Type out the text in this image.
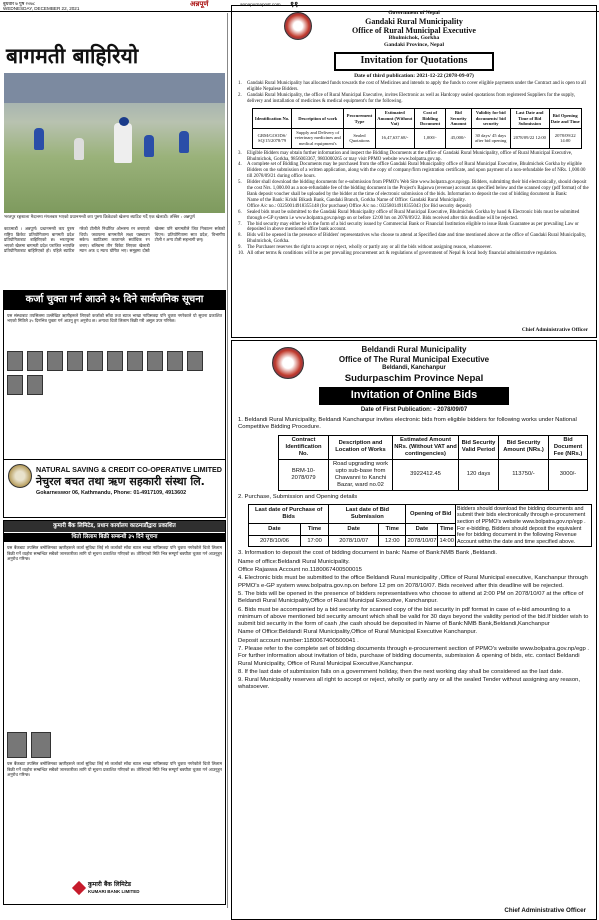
बुधवार ७ पुष २०७८
WEDNESDAY, DECEMBER 22, 2021
अन्नपूर्ण	annapurnapost.com ११
बागमती बाहिरियो
भरतपुर रङ्गशाला मैदानमा मंगलबार भएको प्रधानमन्त्री कप पुरुष क्रिकेटको खेलमा ब्याटिङ गर्दै एक खेलाडी। तस्बिर : अन्नपूर्ण
काठमाडौं । अन्नपूर्ण। प्रधानमन्त्री कप पुरुष राष्ट्रिय क्रिकेट प्रतियोगितामा बागमती प्रदेश प्रतियोगिताबाट बाहिरिएको छ। भरतपुरमा भएको खेलमा बागमती प्रदेश पराजित भएपछि प्रतियोगिताबाट बाहिरिएको हो। पहिले ब्याटिङ गरेको टोलीले निर्धारित ओभरमा रन बनाएको थियो। जवाफमा बागमतीले लक्ष्य पछ्याउन सकेन। ब्याटिङमा कप्तानले सर्वाधिक रन बनाए। बलिङमा तीन विकेट लिएका खेलाडी म्यान अफ द म्याच घोषित भए। समूहमा दोस्रो खेलमा पनि बागमतीले जित निकाल्न सकेको थिएन। प्रतियोगितामा सात प्रदेश, विभागीय टोली र अन्य टोली सहभागी छन्।
कर्जा चुक्ता गर्न आउने ३५ दिने सार्वजनिक सूचना
यस संस्थाबाट तपसिलमा उल्लेखित ऋणीहरूले लिएको कर्जाको साँवा तथा ब्याज भाखा नाघिसक्दा पनि चुक्ता नगरेकाले यो सूचना प्रकाशित भएको मितिले ३५ दिनभित्र चुक्ता गर्न आउनु हुन अनुरोध छ। अन्यथा धितो लिलाम बिक्री गरी असुल उपर गरिनेछ।
NATURAL SAVING & CREDIT CO-OPERATIVE LIMITED
नेचुरल बचत तथा ऋण सहकारी संस्था लि.
Gokarneswor 06, Kathmandu, Phone: 01-4917109, 4913602
कुमारी बैंक लिमिटेड, प्रधान कार्यालय काठमाडौंद्वारा प्रकाशित
धितो लिलाम बिक्री सम्बन्धी ३५ दिने सूचना
यस बैंकबाट तपसिल बमोजिमका ऋणीहरूले कर्जा सुविधा लिई सो कर्जाको साँवा ब्याज भाखा नाघिसक्दा पनि चुक्ता नगरेकोले धितो लिलाम बिक्री गर्ने व्यहोरा सम्बन्धित सबैको जानकारीका लागि यो सूचना प्रकाशित गरिएको छ। तोकिएको मिति भित्र सम्पूर्ण बक्यौता चुक्ता गर्न आउनुहुन अनुरोध गरिन्छ।
यस बैंकबाट तपसिल बमोजिमका ऋणीहरूले कर्जा सुविधा लिई सो कर्जाको साँवा ब्याज भाखा नाघिसक्दा पनि चुक्ता नगरेकोले धितो लिलाम बिक्री गर्ने व्यहोरा सम्बन्धित सबैको जानकारीका लागि यो सूचना प्रकाशित गरिएको छ। तोकिएको मिति भित्र सम्पूर्ण बक्यौता चुक्ता गर्न आउनुहुन अनुरोध गरिन्छ।
कुमारी बैंक लिमिटेड
KUMARI BANK LIMITED
Government of Nepal
Gandaki Rural Municipality
Office of Rural Municipal Executive
Bhulmichok, Gorkha
Gandaki Province, Nepal
Invitation for Quotations
Date of third publication: 2021-12-22 (2078-09-07)
1.	Gandaki Rural Municipality has allocated funds towards the cost of Medicines and intends to apply the funds to cover eligible payments under the Contract and is open to all eligible Nepalese Bidders.
2.	Gandaki Rural Municipality, the office of Rural Municipal Executive, invites Electronic as well as Hardcopy sealed quotations from registered Suppliers for the supply, delivery and installation of medicines & medical equipment's for the following.
Identification No.	Description of work	Procurement Type	Estimated Amount (Without Vat)	Cost of Bidding Document	Bid Security Amount	Validity for bid documents/ bid security	Last Date and Time of Bid Submission	Bid Opening Date and Time
GRM/GOODS/ SQ/15/2078/79	Supply and Delivery of veterinary medicines and medical equipment's	Sealed Quotations	16,47,637.68/-	1,000/-	45,000/-	30 days/ 45 days after bid opening	2078/09/22 12:00	2078/09/22 14:00
3.	Eligible Bidders may obtain further information and inspect the Bidding Documents at the office of Gandaki Rural Municipality, office of Rural Municipal Executive, Bhulmichok, Gorkha, 9856003367, 9803000265 or may visit PPMO website www.bolpatra.gov.np.
4.	A complete set of Bidding Documents may be purchased from the office Gandaki Rural Municipality office of Rural Municipal Executive, Bhulmichok Gorkha by eligible Bidders on the submission of a written application, along with the copy of company/firm registration certificate, and upon payment of a non-refundable fee of NRs. 1,000.00 till 2078/09/21 during office hours.
5.	Bidder shall download the bidding documents for e-submission from PPMO's Web Site www.bolpatra.gov.np/egp. Bidders, submitting their bid electronically, should deposit the cost Nrs. 1,000.00 as a non-refundable fee of the bidding document in the Project's Rajaswa (revenue) account as specified below and the scanned copy (pdf format) of the Bank deposit voucher shall be uploaded by the bidder at the time of electronic submission of the bids. Information to deposit the cost of bidding document in Bank:
Name of the Bank: Krishi Bikash Bank, Gandaki Branch, Gorkha Name of Office: Gandaki Rural Municipality.
Office A/c no.: 03250014918355148 (for purchase) Office A/c no.: 03258014918355043 (for Bid security deposit)
6.	Sealed bids must be submitted to the Gandaki Rural Municipality office of Rural Municipal Executive, Bhulmichok Gorkha by hand & Electronic bids must be submitted through e-GP system i.e www.bolpatra.gov.np/egp on or before 12:00 hrs on 2078/09/22. Bids received after this deadline will be rejected.
7.	The bid security may either be in the form of a bid security issued by Commercial Bank or Financial Institution eligible to issue Bank Guarantee as per prevailing Law or deposited in above mentioned office bank account.
8.	Bids will be opened in the presence of Bidders' representatives who choose to attend at Specified date and time mentioned above at the office of Gandaki Rural Municipality, Bhulmichok, Gorkha.
9.	The Purchaser reserves the right to accept or reject, wholly or partly any or all the bids without assigning reason, whatsoever.
10. All other terms & conditions will be as per prevailing procurement act & regulations of government of Nepal & local body financial administrative regulation.
Chief Administrative Officer
Beldandi Rural Municipality
Office of The Rural Municipal Executive
Beldandi, Kanchanpur
Sudurpaschim Province Nepal
Invitation of Online Bids
Date of First Publication: - 2078/09/07
1. Beldandi Rural Municipality, Beldandi Kanchanpur invites electronic bids from eligible bidders for following works under National Competitive Bidding Procedure.
Contract Identification No.	Description and Location of Works	Estimated Amount NRs. (Without VAT and contingencies)	Bid Security Valid Period	Bid Security Amount (NRs.)	Bid Document Fee (NRs.)
BRM-10-2078/079	Road upgrading work upto sub-base from Chawanni to Kanchi Bazar, ward no.02	3922412.45	120 days	113750/-	3000/-
2. Purchase, Submission and Opening details
Last date of Purchase of Bids		Last date of Bid Submission		Opening of Bid		Bidders should download the bidding documents and submit their bids electronically through e-procurement section of PPMO's website www.bolpatra.gov.np/egp . For e-bidding, Bidders should deposit the equivalent fee for bidding document in the following Revenue Account within the date and time specified above.
Date	Time	Date	Time	Date	Time	
2078/10/06	17:00	2078/10/07	12:00	2078/10/07	14:00	
3. Information to deposit the cost of bidding document in bank: Name of Bank:NMB Bank ,Beldandi.
Name of office:Beldandi Rural Municipality.
Office Rajaswa Account no.118006740050001​5
4. Electronic bids must be submitted to the office Beldandi Rural municipality ,Office of Rural Municipal executive, Kanchanpur through PPMO's e-GP system www.bolpatra.gov.np.on before 12 pm on 2078/10/07. Bids received after this deadline will be rejected.
5. The bids will be opened in the presence of bidders representatives who choose to attend at 2:00 PM on 2078/10/07 at the office of Beldandi Rural Municipality,Office of Rural Municipal Executive, Kanchanpur.
6. Bids must be accompanied by a bid security for scanned copy of the bid security in pdf format in case of e-bid amounting to a minimum of above mentioned bid security amount which shall be valid for 30 days beyond the validity period of the bid.If bidder wish to submit bid security in the form of cash ,the cash should be deposited in Name of Bank:NMB Bank,Beldandi,Kanchanpur
Name of Office:Beldandi Rural Municipality,Office of Rural Municipal Executive Kanchanpur.
Deposit account number:118006740050004​1 .
7. Please refer to the complete set of bidding documents through e-procurement section of PPMO's website www.bolpatra.gov.np/egp . For further information about invitation of bids, purchase of bidding documents, submission & opening of bids, etc. contact Beldandi Rural Municipality, Office of Rural Municipal Executive,Kanchanpur.
8. If the last date of submission falls on a government holiday, then the next working day shall be considered as the last date.
9. Rural Municipality reserves all right to accept or reject, wholly or partly any or all the sealed Tender without assigning any reason, whatsoever.
Chief Administrative Officer
